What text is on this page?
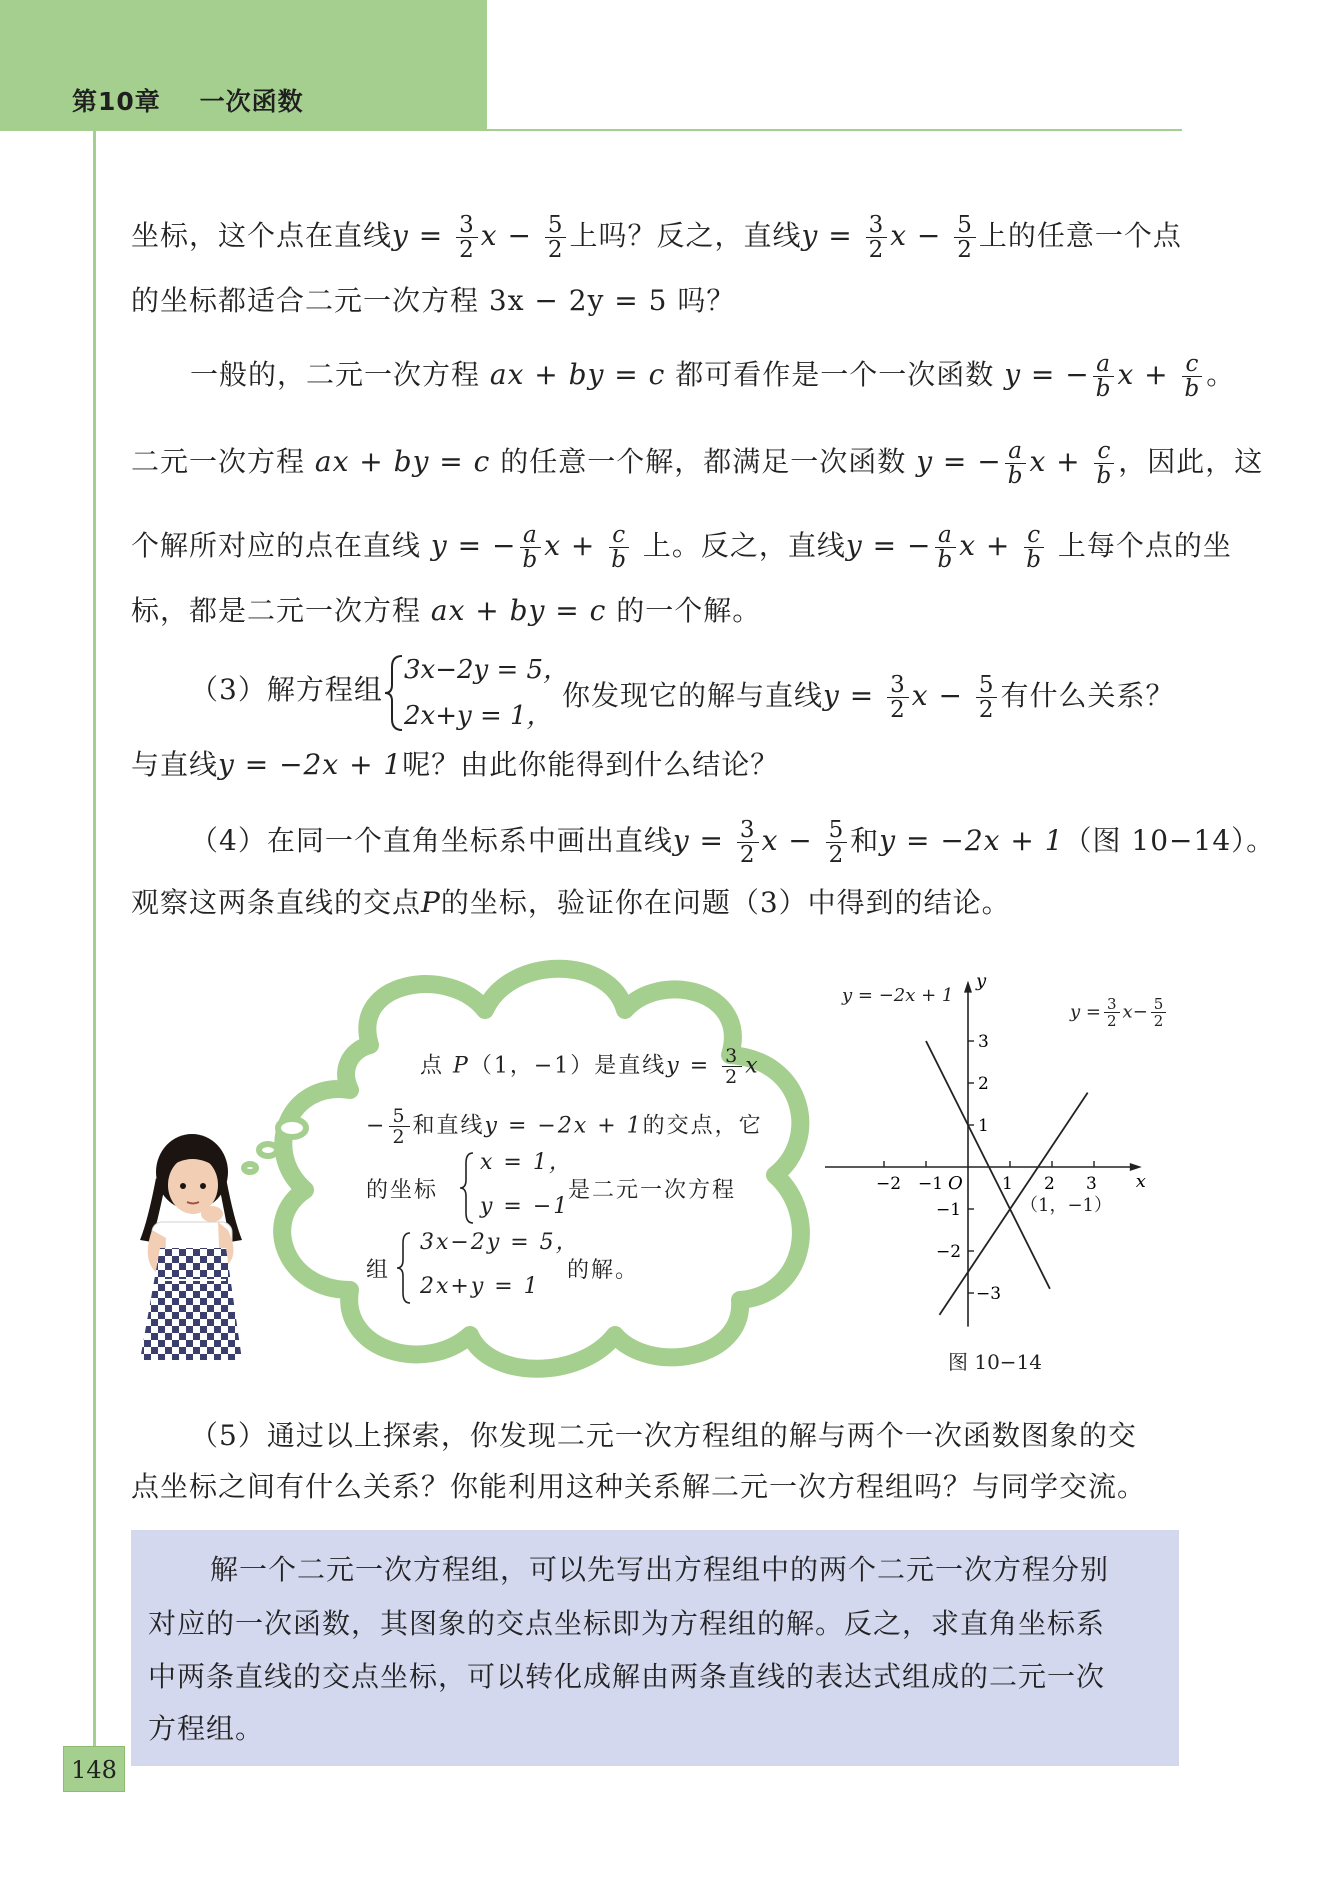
第10章 一次函数
坐标，这个点在直线$y = \frac{3}{2}$ $x - \frac{5}{2}$ 上吗？反之，直线$y = \frac{3}{2}$ $x - \frac{5}{2}$ 上的任意一个点
的坐标都适合二元一次方程 3x − 2y = 5 吗？
一般的，二元一次方程 ax + by = c 都可看作是一个一次函数 y = − $\frac{a}{b}$ $x + \frac{c}{b}$ 。
二元一次方程 ax + by = c 的任意一个解，都满足一次函数 y = − $\frac{a}{b}$ $x + \frac{c}{b}$ ，因此，这
个解所对应的点在直线 y = − $\frac{a}{b}$ $x + \frac{c}{b}$ 上。反之，直线y = − $\frac{a}{b}$ $x + \frac{c}{b}$ 上每个点的坐
标，都是二元一次方程 ax + by = c 的一个解。
（3）解方程组
3x−2y = 5，
2x+y = 1，
你发现它的解与直线$y = \frac{3}{2}$ $x - \frac{5}{2}$ 有什么关系？
与直线y = −2x + 1呢？由此你能得到什么结论？
（4）在同一个直角坐标系中画出直线$y = \frac{3}{2}$ $x - \frac{5}{2}$ 和y = −2x + 1（图 10−14）。
观察这两条直线的交点P的坐标，验证你在问题（3）中得到的结论。
点 P（1，−1）是直线$y = \frac{3}{2}$ x
− $\frac{5}{2}$ 和直线y = −2x + 1的交点，它
的坐标
x = 1，
y = −1
是二元一次方程
组
3x−2y = 5，
2x+y = 1
的解。
x
y
O
−2 −1	1 2 3
3
2
1
−1
−2
−3
y = −2x + 1
$y = \frac{3}{2} x- \frac{5}{2}$
（1，−1）
图 10−14
（5）通过以上探索，你发现二元一次方程组的解与两个一次函数图象的交
点坐标之间有什么关系？你能利用这种关系解二元一次方程组吗？与同学交流。
解一个二元一次方程组，可以先写出方程组中的两个二元一次方程分别
对应的一次函数，其图象的交点坐标即为方程组的解。反之，求直角坐标系
中两条直线的交点坐标，可以转化成解由两条直线的表达式组成的二元一次
方程组。
148
